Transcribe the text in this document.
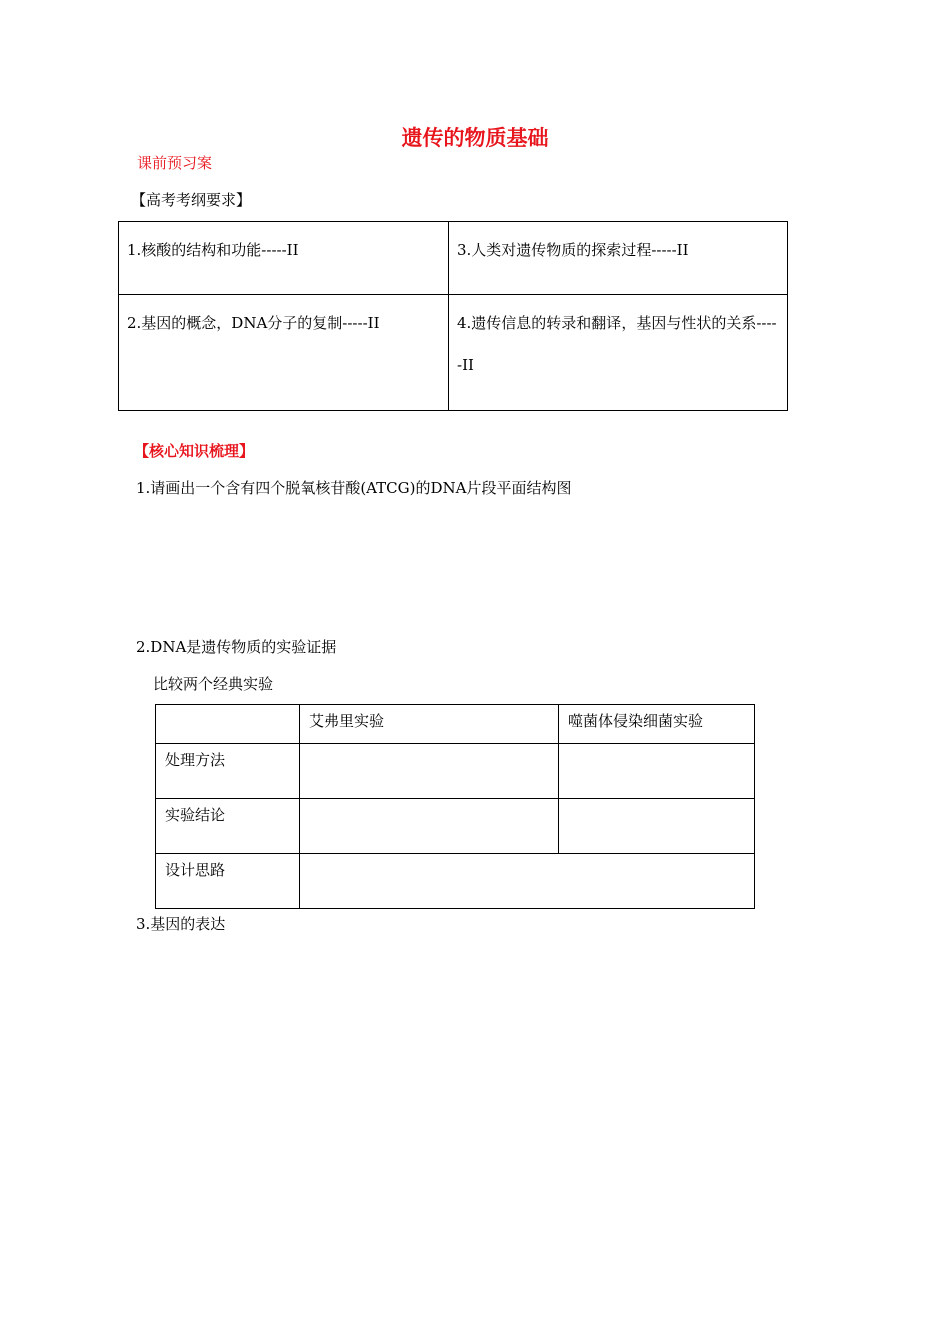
遗传的物质基础
课前预习案
【高考考纲要求】
1.核酸的结构和功能-----II	3.人类对遗传物质的探索过程-----II
2.基因的概念，DNA分子的复制-----II	4.遗传信息的转录和翻译，基因与性状的关系-----II
【核心知识梳理】
1.请画出一个含有四个脱氧核苷酸(ATCG)的DNA片段平面结构图
2.DNA是遗传物质的实验证据
比较两个经典实验
	艾弗里实验	噬菌体侵染细菌实验
处理方法		
实验结论		
设计思路		
3.基因的表达
